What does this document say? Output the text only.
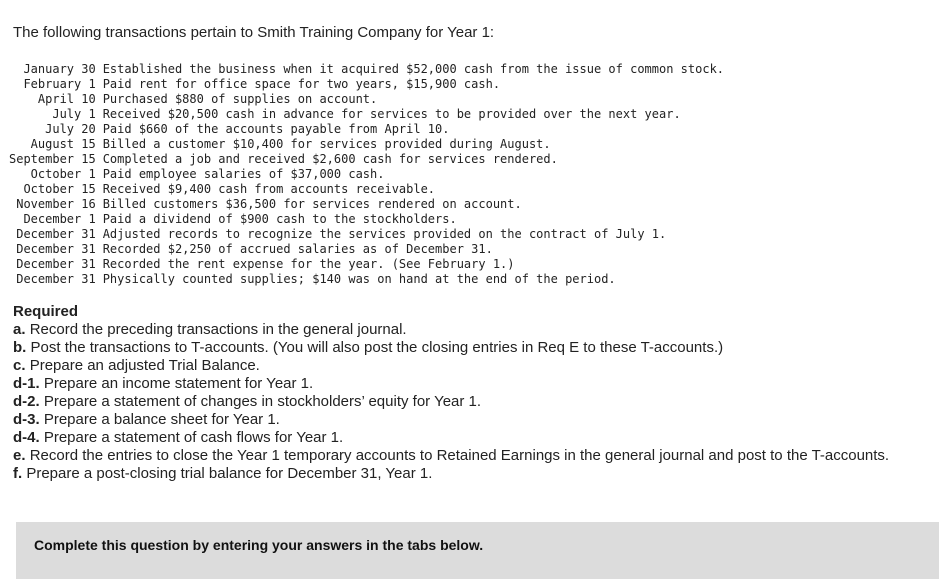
The following transactions pertain to Smith Training Company for Year 1:

January 30	Established the business when it acquired $52,000 cash from the issue of common stock.
February 1	Paid rent for office space for two years, $15,900 cash.
April 10	Purchased $880 of supplies on account.
July 1	Received $20,500 cash in advance for services to be provided over the next year.
July 20	Paid $660 of the accounts payable from April 10.
August 15	Billed a customer $10,400 for services provided during August.
September 15	Completed a job and received $2,600 cash for services rendered.
October 1	Paid employee salaries of $37,000 cash.
October 15	Received $9,400 cash from accounts receivable.
November 16	Billed customers $36,500 for services rendered on account.
December 1	Paid a dividend of $900 cash to the stockholders.
December 31	Adjusted records to recognize the services provided on the contract of July 1.
December 31	Recorded $2,250 of accrued salaries as of December 31.
December 31	Recorded the rent expense for the year. (See February 1.)
December 31	Physically counted supplies; $140 was on hand at the end of the period.

Required

a. Record the preceding transactions in the general journal.
b. Post the transactions to T-accounts. (You will also post the closing entries in Req E to these T-accounts.)
c. Prepare an adjusted Trial Balance.
d-1. Prepare an income statement for Year 1.
d-2. Prepare a statement of changes in stockholders’ equity for Year 1.
d-3. Prepare a balance sheet for Year 1.
d-4. Prepare a statement of cash flows for Year 1.
e. Record the entries to close the Year 1 temporary accounts to Retained Earnings in the general journal and post to the T-accounts.
f. Prepare a post-closing trial balance for December 31, Year 1.
Complete this question by entering your answers in the tabs below.
